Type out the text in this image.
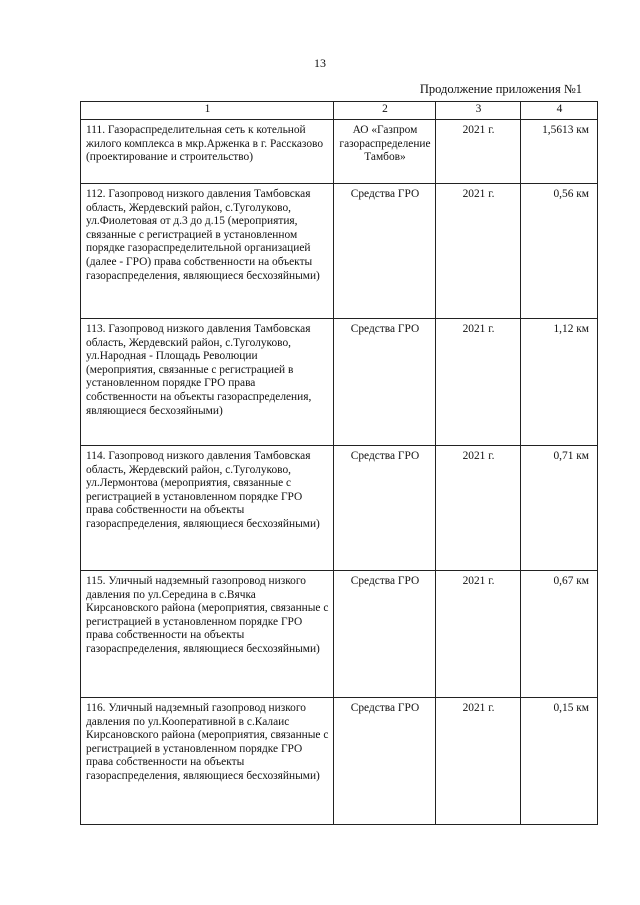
13
Продолжение приложения №1
1	2	3	4
111. Газораспределительная сеть к котельной жилого комплекса в мкр.Арженка в г. Рассказово (проектирование и строительство)	АО «Газпром газораспределение Тамбов»	2021 г.	1,5613 км
112. Газопровод низкого давления Тамбовская область, Жердевский район, с.Туголуково, ул.Фиолетовая от д.3 до д.15 (мероприятия, связанные с регистрацией в установленном порядке газораспределительной организацией (далее - ГРО) права собственности на объекты газораспределения, являющиеся бесхозяйными)	Средства ГРО	2021 г.	0,56 км
113. Газопровод низкого давления Тамбовская область, Жердевский район, с.Туголуково, ул.Народная - Площадь Революции (мероприятия, связанные с регистрацией в установленном порядке ГРО права собственности на объекты газораспределения, являющиеся бесхозяйными)	Средства ГРО	2021 г.	1,12 км
114. Газопровод низкого давления Тамбовская область, Жердевский район, с.Туголуково, ул.Лермонтова (мероприятия, связанные с регистрацией в установленном порядке ГРО права собственности на объекты газораспределения, являющиеся бесхозяйными)	Средства ГРО	2021 г.	0,71 км
115. Уличный надземный газопровод низкого давления по ул.Середина в с.Вячка Кирсановского района (мероприятия, связанные с регистрацией в установленном порядке ГРО права собственности на объекты газораспределения, являющиеся бесхозяйными)	Средства ГРО	2021 г.	0,67 км
116. Уличный надземный газопровод низкого давления по ул.Кооперативной в с.Калаис Кирсановского района (мероприятия, связанные с регистрацией в установленном порядке ГРО права собственности на объекты газораспределения, являющиеся бесхозяйными)	Средства ГРО	2021 г.	0,15 км
